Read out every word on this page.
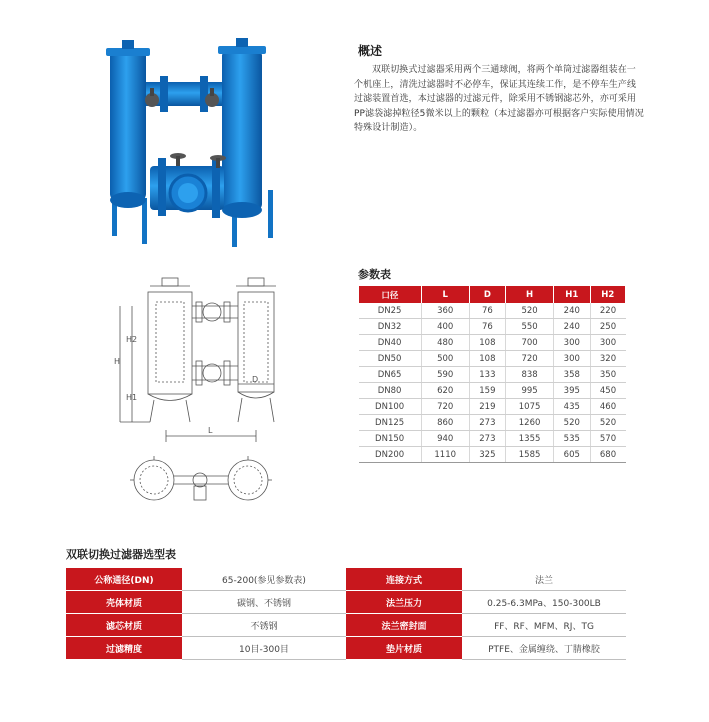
概述
双联切换式过滤器采用两个三通球阀，将两个单筒过滤器组装在一个机座上，清洗过滤器时不必停车，保证其连续工作，是不停车生产线过滤装置首选，本过滤器的过滤元件，除采用不锈钢滤芯外，亦可采用PP滤袋滤掉粒径5微米以上的颗粒（本过滤器亦可根据客户实际使用情况特殊设计制造）。
参数表
口径	L	D	H	H1	H2
DN25	360	76	520	240	220
DN32	400	76	550	240	250
DN40	480	108	700	300	300
DN50	500	108	720	300	320
DN65	590	133	838	358	350
DN80	620	159	995	395	450
DN100	720	219	1075	435	460
DN125	860	273	1260	520	520
DN150	940	273	1355	535	570
DN200	1110	325	1585	605	680
H
H2
H1
L
D
双联切换过滤器选型表
公称通径(DN)	65-200(参见参数表)	连接方式	法兰
壳体材质	碳钢、不锈钢	法兰压力	0.25-6.3MPa、150-300LB
滤芯材质	不锈钢	法兰密封面	FF、RF、MFM、RJ、TG
过滤精度	10目-300目	垫片材质	PTFE、金属缠绕、丁腈橡胶
